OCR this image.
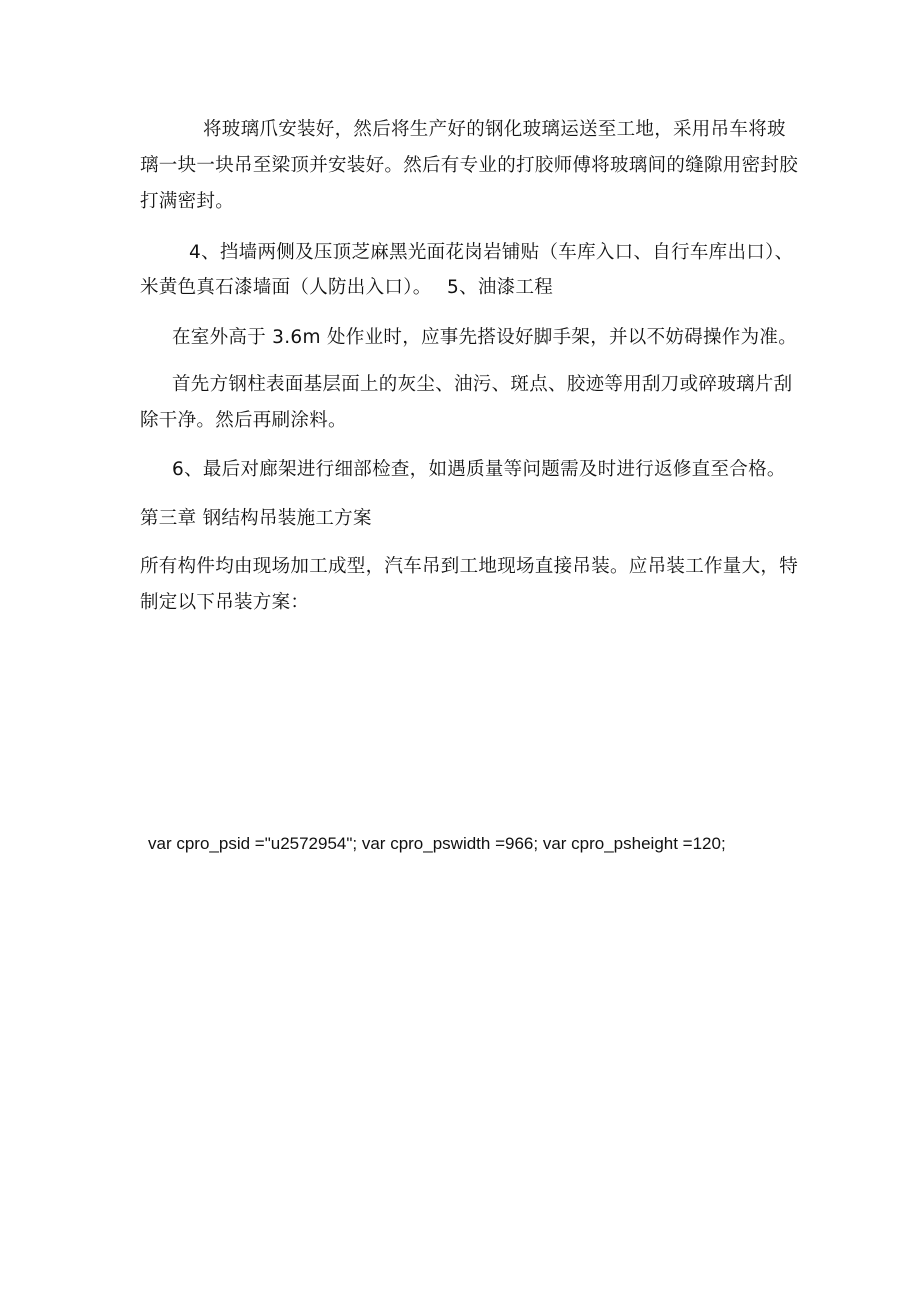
将玻璃爪安装好，然后将生产好的钢化玻璃运送至工地，采用吊车将玻
璃一块一块吊至梁顶并安装好。然后有专业的打胶师傅将玻璃间的缝隙用密封胶
打满密封。
4、挡墙两侧及压顶芝麻黑光面花岗岩铺贴（车库入口、自行车库出口）、
米黄色真石漆墙面（人防出入口）。 5、油漆工程
在室外高于 3.6m 处作业时，应事先搭设好脚手架，并以不妨碍操作为准。
首先方钢柱表面基层面上的灰尘、油污、斑点、胶迹等用刮刀或碎玻璃片刮
除干净。然后再刷涂料。
6、最后对廊架进行细部检查，如遇质量等问题需及时进行返修直至合格。
第三章 钢结构吊装施工方案
所有构件均由现场加工成型，汽车吊到工地现场直接吊装。应吊装工作量大，特
制定以下吊装方案：
var cpro_psid ="u2572954"; var cpro_pswidth =966; var cpro_psheight =120;
